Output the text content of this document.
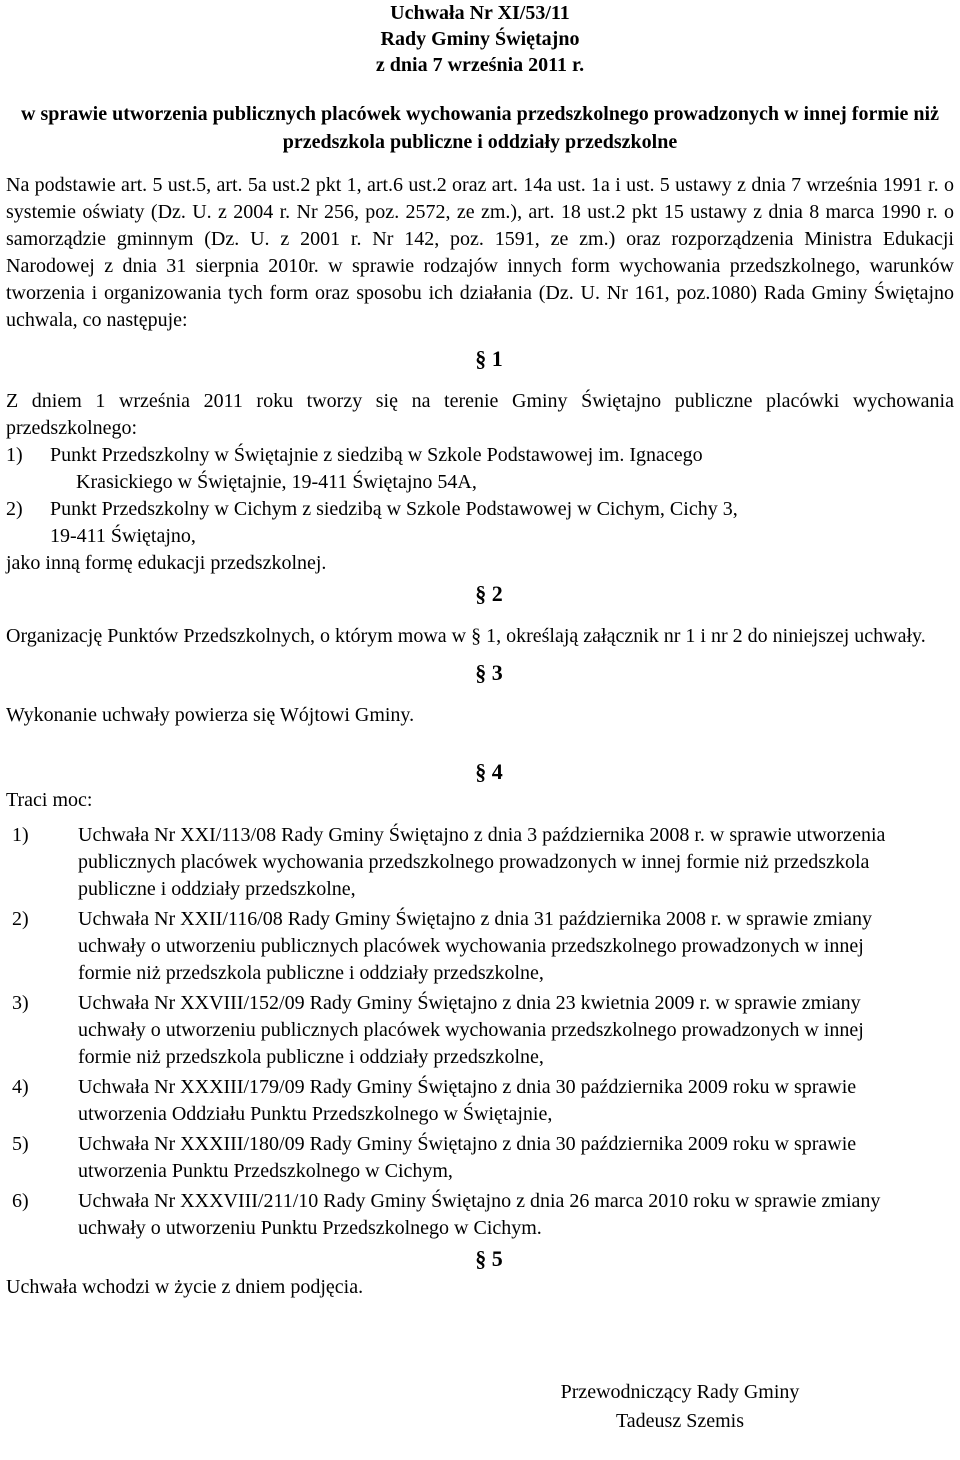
Uchwała Nr XI/53/11
Rady Gminy Świętajno
z dnia 7 września 2011 r.
w sprawie utworzenia publicznych placówek wychowania przedszkolnego prowadzonych w innej formie niż przedszkola publiczne i oddziały przedszkolne
Na podstawie art. 5 ust.5, art. 5a ust.2 pkt 1, art.6 ust.2 oraz art. 14a ust. 1a i ust. 5 ustawy z dnia 7 września 1991 r. o systemie oświaty (Dz. U. z 2004 r. Nr 256, poz. 2572, ze zm.), art. 18 ust.2 pkt 15 ustawy z dnia 8 marca 1990 r. o samorządzie gminnym (Dz. U. z 2001 r. Nr 142, poz. 1591, ze zm.) oraz rozporządzenia Ministra Edukacji Narodowej z dnia 31 sierpnia 2010r. w sprawie rodzajów innych form wychowania przedszkolnego, warunków tworzenia i organizowania tych form oraz sposobu ich działania (Dz. U. Nr 161, poz.1080) Rada Gminy Świętajno uchwala, co następuje:
§ 1
Z dniem 1 września 2011 roku tworzy się na terenie Gminy Świętajno publiczne placówki wychowania przedszkolnego:
1)	Punkt Przedszkolny w Świętajnie z siedzibą w Szkole Podstawowej im. Ignacego
Krasickiego w Świętajnie, 19-411 Świętajno 54A,
2)	Punkt Przedszkolny w Cichym z siedzibą w Szkole Podstawowej w Cichym, Cichy 3,
19-411 Świętajno,
jako inną formę edukacji przedszkolnej.
§ 2
Organizację Punktów Przedszkolnych, o którym mowa w § 1, określają załącznik nr 1 i nr 2 do niniejszej uchwały.
§ 3
Wykonanie uchwały powierza się Wójtowi Gminy.
§ 4
Traci moc:
1)	Uchwała Nr XXI/113/08 Rady Gminy Świętajno z dnia 3 października 2008 r. w sprawie utworzenia publicznych placówek wychowania przedszkolnego prowadzonych w innej formie niż przedszkola publiczne i oddziały przedszkolne,
2)	Uchwała Nr XXII/116/08 Rady Gminy Świętajno z dnia 31 października 2008 r. w sprawie zmiany uchwały o utworzeniu publicznych placówek wychowania przedszkolnego prowadzonych w innej formie niż przedszkola publiczne i oddziały przedszkolne,
3)	Uchwała Nr XXVIII/152/09 Rady Gminy Świętajno z dnia 23 kwietnia 2009 r. w sprawie zmiany uchwały o utworzeniu publicznych placówek wychowania przedszkolnego prowadzonych w innej formie niż przedszkola publiczne i oddziały przedszkolne,
4)	Uchwała Nr XXXIII/179/09 Rady Gminy Świętajno z dnia 30 października 2009 roku w sprawie utworzenia Oddziału Punktu Przedszkolnego w Świętajnie,
5)	Uchwała Nr XXXIII/180/09 Rady Gminy Świętajno z dnia 30 października 2009 roku w sprawie utworzenia Punktu Przedszkolnego w Cichym,
6)	Uchwała Nr XXXVIII/211/10 Rady Gminy Świętajno z dnia 26 marca 2010 roku w sprawie zmiany uchwały o utworzeniu Punktu Przedszkolnego w Cichym.
§ 5
Uchwała wchodzi w życie z dniem podjęcia.
Przewodniczący Rady Gminy
Tadeusz Szemis
